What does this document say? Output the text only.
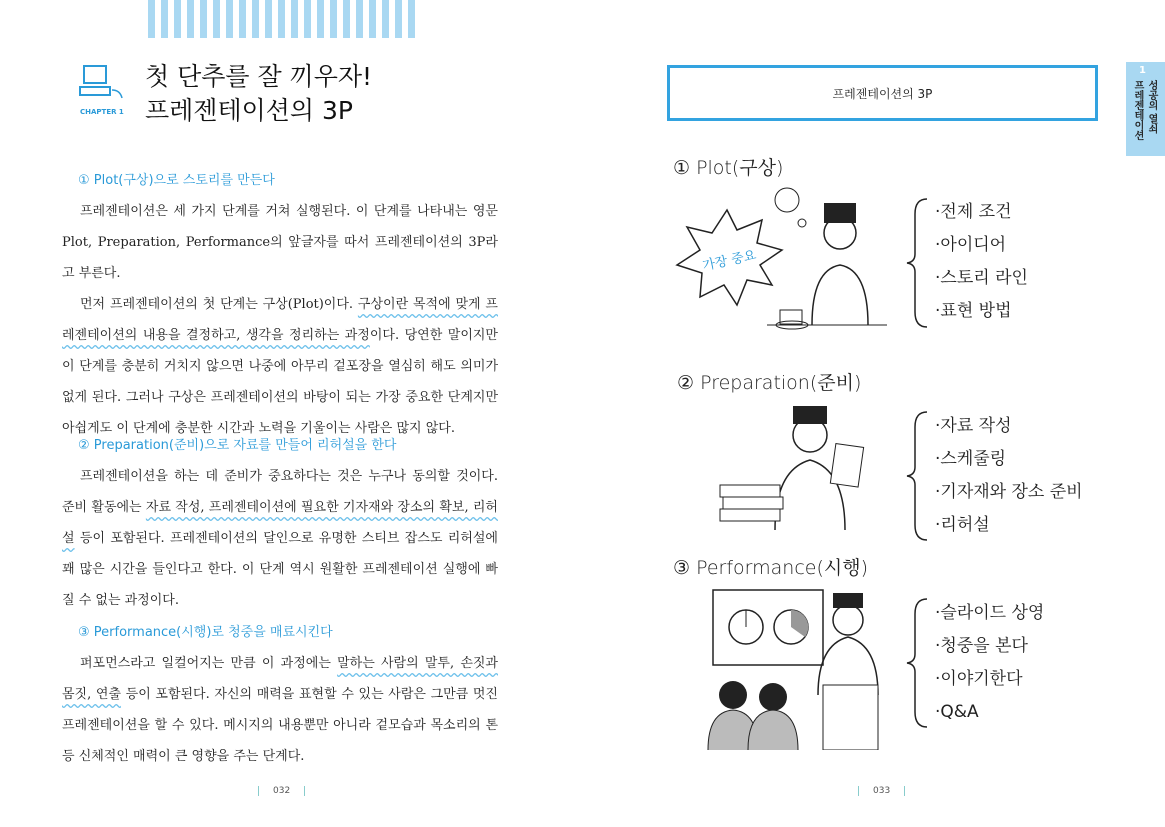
CHAPTER 1
첫 단추를 잘 끼우자!
프레젠테이션의 3P
① Plot(구상)으로 스토리를 만든다
프레젠테이션은 세 가지 단계를 거쳐 실행된다. 이 단계를 나타내는 영문 Plot, Preparation, Performance의 앞글자를 따서 프레젠테이션의 3P라고 부른다.
먼저 프레젠테이션의 첫 단계는 구상(Plot)이다. 구상이란 목적에 맞게 프레젠테이션의 내용을 결정하고, 생각을 정리하는 과정이다. 당연한 말이지만 이 단계를 충분히 거치지 않으면 나중에 아무리 겉포장을 열심히 해도 의미가 없게 된다. 그러나 구상은 프레젠테이션의 바탕이 되는 가장 중요한 단계지만 아쉽게도 이 단계에 충분한 시간과 노력을 기울이는 사람은 많지 않다.
② Preparation(준비)으로 자료를 만들어 리허설을 한다
프레젠테이션을 하는 데 준비가 중요하다는 것은 누구나 동의할 것이다. 준비 활동에는 자료 작성, 프레젠테이션에 필요한 기자재와 장소의 확보, 리허설 등이 포함된다. 프레젠테이션의 달인으로 유명한 스티브 잡스도 리허설에 꽤 많은 시간을 들인다고 한다. 이 단계 역시 원활한 프레젠테이션 실행에 빠질 수 없는 과정이다.
③ Performance(시행)로 청중을 매료시킨다
퍼포먼스라고 일컬어지는 만큼 이 과정에는 말하는 사람의 말투, 손짓과 몸짓, 연출 등이 포함된다. 자신의 매력을 표현할 수 있는 사람은 그만큼 멋진 프레젠테이션을 할 수 있다. 메시지의 내용뿐만 아니라 겉모습과 목소리의 톤 등 신체적인 매력이 큰 영향을 주는 단계다.
032
프레젠테이션의 3P
1
성공의 열쇠
프레젠테이션
① Plot(구상)
가장 중요
·전제 조건
·아이디어
·스토리 라인
·표현 방법
② Preparation(준비)
·자료 작성
·스케줄링
·기자재와 장소 준비
·리허설
③ Performance(시행)
·슬라이드 상영
·청중을 본다
·이야기한다
·Q&A
033
